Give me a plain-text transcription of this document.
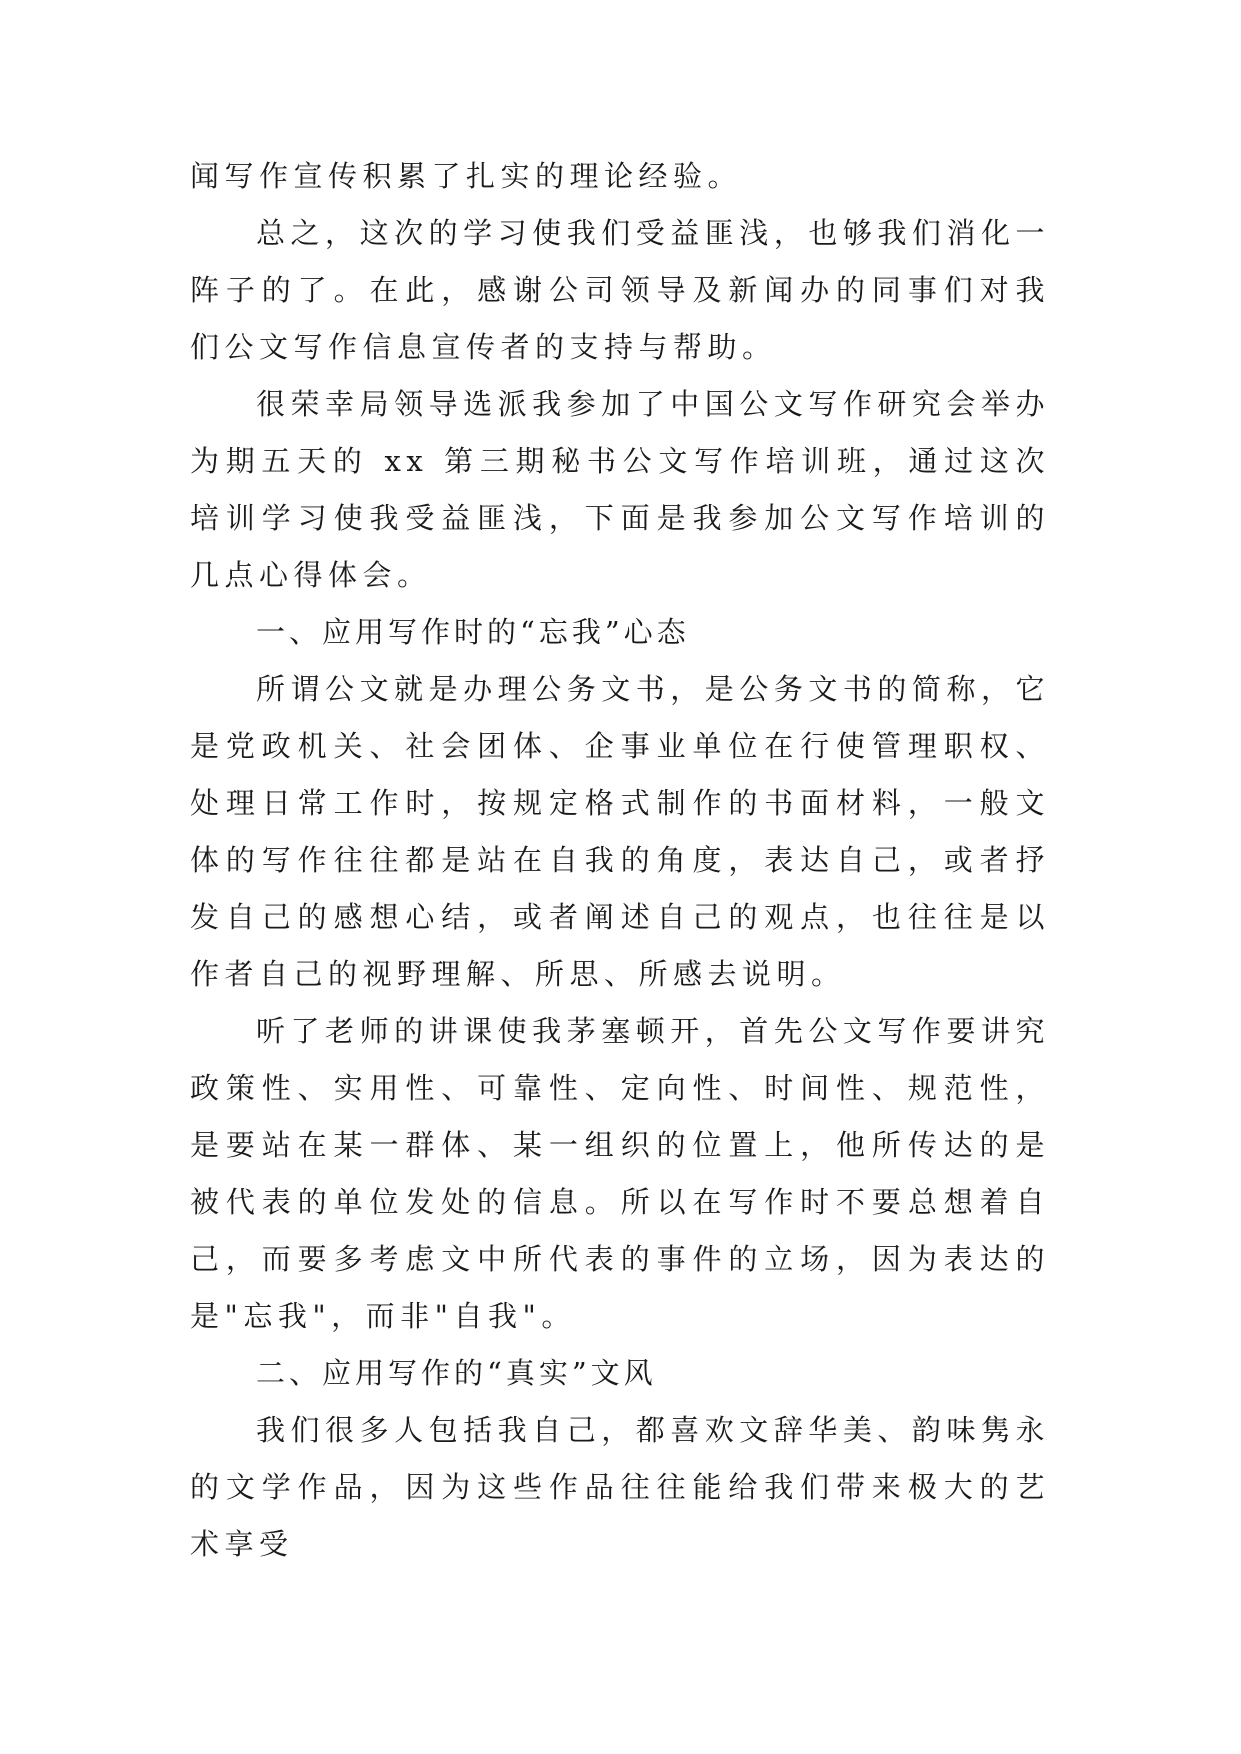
闻写作宣传积累了扎实的理论经验。

总之，这次的学习使我们受益匪浅，也够我们消化一阵子的了。在此，感谢公司领导及新闻办的同事们对我们公文写作信息宣传者的支持与帮助。

很荣幸局领导选派我参加了中国公文写作研究会举办为期五天的 xx 第三期秘书公文写作培训班，通过这次培训学习使我受益匪浅，下面是我参加公文写作培训的几点心得体会。

一、应用写作时的“忘我”心态

所谓公文就是办理公务文书，是公务文书的简称，它是党政机关、社会团体、企事业单位在行使管理职权、处理日常工作时，按规定格式制作的书面材料，一般文体的写作往往都是站在自我的角度，表达自己，或者抒发自己的感想心结，或者阐述自己的观点，也往往是以作者自己的视野理解、所思、所感去说明。

听了老师的讲课使我茅塞顿开，首先公文写作要讲究政策性、实用性、可靠性、定向性、时间性、规范性，是要站在某一群体、某一组织的位置上，他所传达的是被代表的单位发处的信息。所以在写作时不要总想着自己，而要多考虑文中所代表的事件的立场，因为表达的是"忘我"，而非"自我"。

二、应用写作的“真实”文风

我们很多人包括我自己，都喜欢文辞华美、韵味隽永的文学作品，因为这些作品往往能给我们带来极大的艺术享受
